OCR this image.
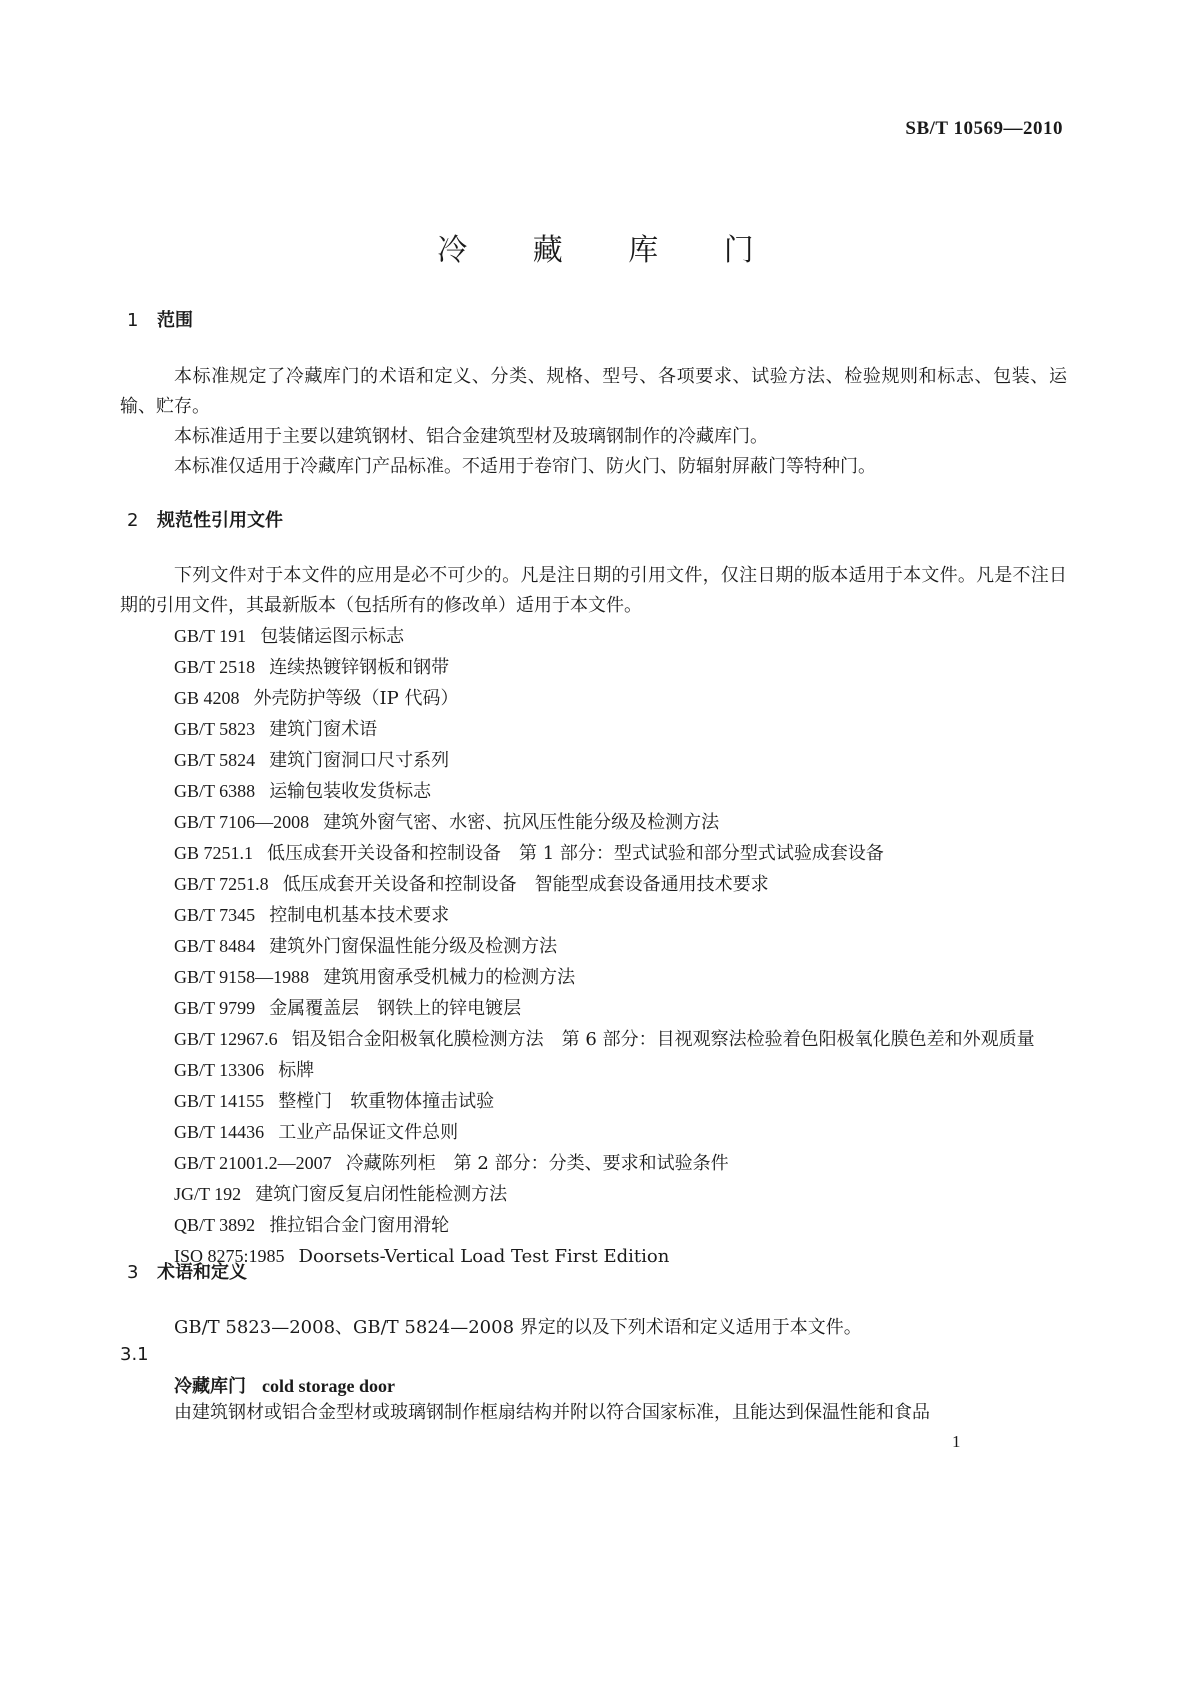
SB/T 10569—2010
冷 藏 库 门
1 范围

本标准规定了冷藏库门的术语和定义、分类、规格、型号、各项要求、试验方法、检验规则和标志、包装、运输、贮存。

本标准适用于主要以建筑钢材、铝合金建筑型材及玻璃钢制作的冷藏库门。

本标准仅适用于冷藏库门产品标准。不适用于卷帘门、防火门、防辐射屏蔽门等特种门。

2 规范性引用文件

下列文件对于本文件的应用是必不可少的。凡是注日期的引用文件，仅注日期的版本适用于本文件。凡是不注日期的引用文件，其最新版本（包括所有的修改单）适用于本文件。

GB/T 191 包装储运图示标志

GB/T 2518 连续热镀锌钢板和钢带

GB 4208 外壳防护等级（IP 代码）

GB/T 5823 建筑门窗术语

GB/T 5824 建筑门窗洞口尺寸系列

GB/T 6388 运输包装收发货标志

GB/T 7106—2008 建筑外窗气密、水密、抗风压性能分级及检测方法

GB 7251.1 低压成套开关设备和控制设备　第 1 部分：型式试验和部分型式试验成套设备

GB/T 7251.8 低压成套开关设备和控制设备　智能型成套设备通用技术要求

GB/T 7345 控制电机基本技术要求

GB/T 8484 建筑外门窗保温性能分级及检测方法

GB/T 9158—1988 建筑用窗承受机械力的检测方法

GB/T 9799 金属覆盖层　钢铁上的锌电镀层

GB/T 12967.6 铝及铝合金阳极氧化膜检测方法　第 6 部分：目视观察法检验着色阳极氧化膜色差和外观质量

GB/T 13306 标牌

GB/T 14155 整樘门　软重物体撞击试验

GB/T 14436 工业产品保证文件总则

GB/T 21001.2—2007 冷藏陈列柜　第 2 部分：分类、要求和试验条件

JG/T 192 建筑门窗反复启闭性能检测方法

QB/T 3892 推拉铝合金门窗用滑轮

ISO 8275:1985 Doorsets-Vertical Load Test First Edition

3 术语和定义

GB/T 5823—2008、GB/T 5824—2008 界定的以及下列术语和定义适用于本文件。

3.1
冷藏库门 cold storage door

由建筑钢材或铝合金型材或玻璃钢制作框扇结构并附以符合国家标准，且能达到保温性能和食品

1
